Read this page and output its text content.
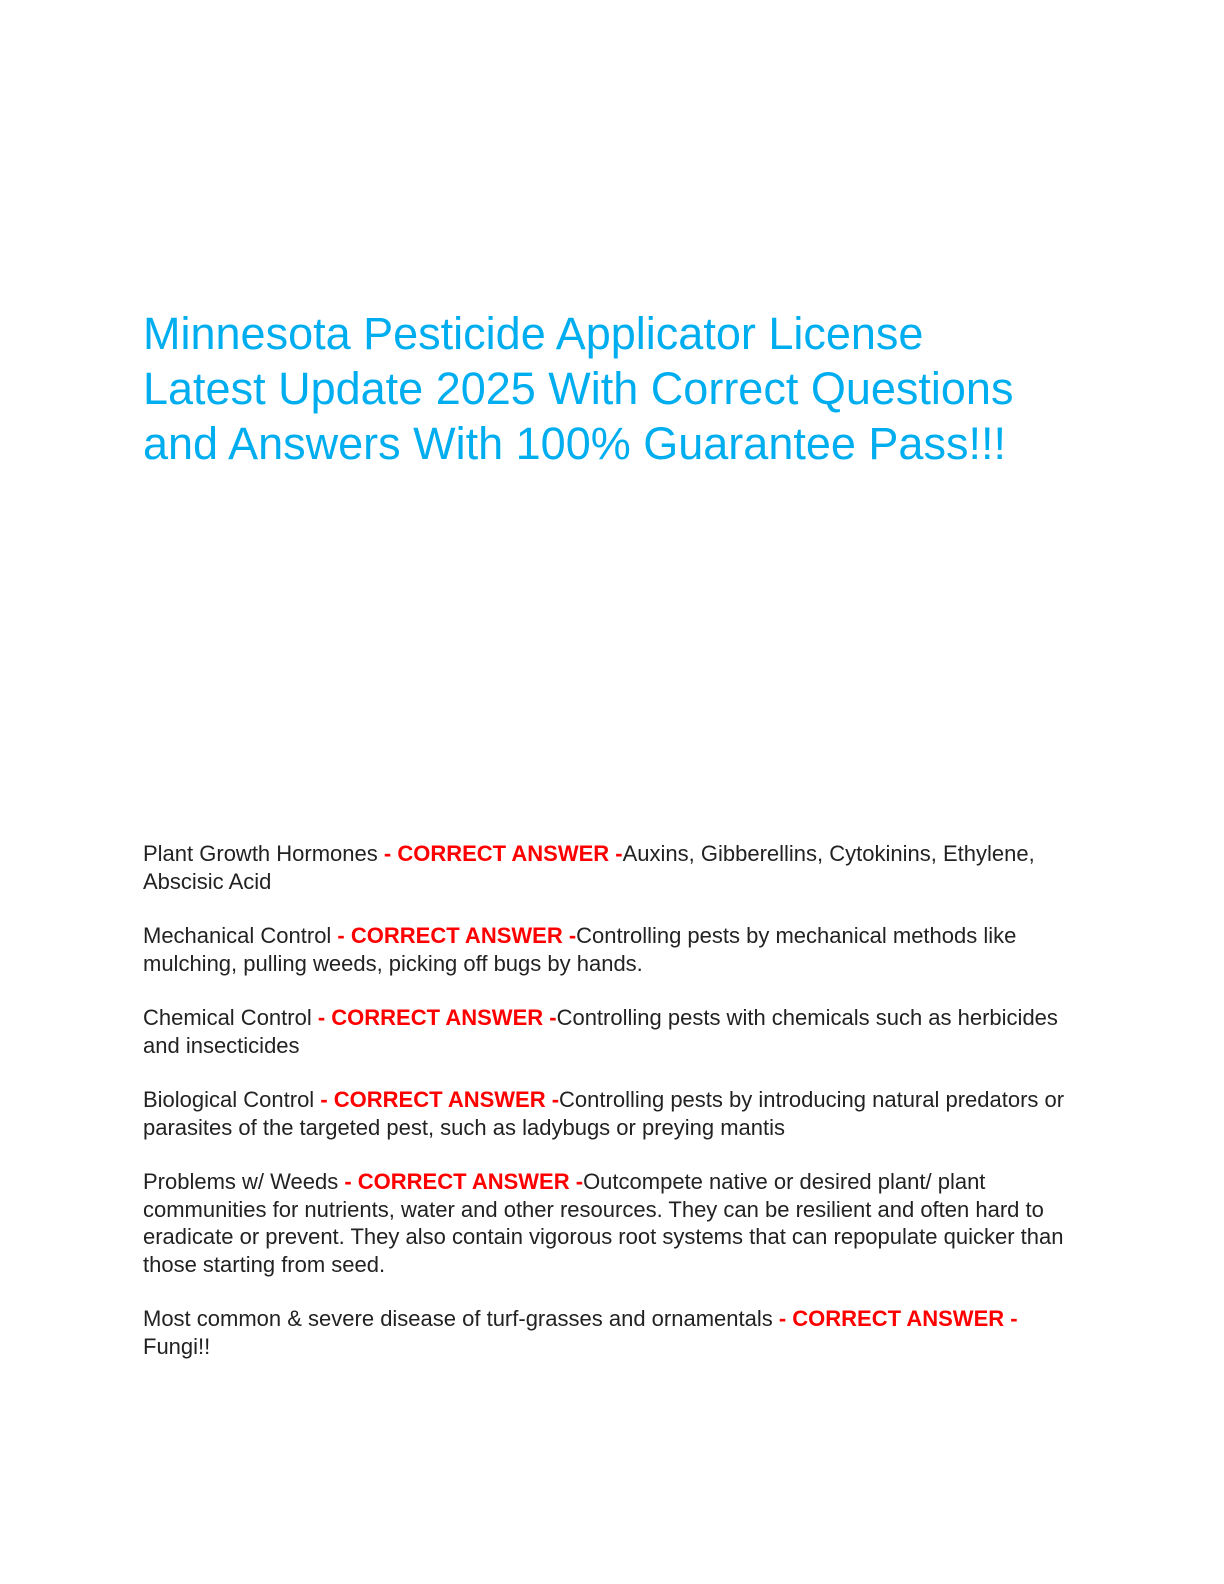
Minnesota Pesticide Applicator License
Latest Update 2025 With Correct Questions
and Answers With 100% Guarantee Pass!!!

Plant Growth Hormones - CORRECT ANSWER -Auxins, Gibberellins, Cytokinins, Ethylene, Abscisic Acid

Mechanical Control - CORRECT ANSWER -Controlling pests by mechanical methods like mulching, pulling weeds, picking off bugs by hands.

Chemical Control - CORRECT ANSWER -Controlling pests with chemicals such as herbicides and insecticides

Biological Control - CORRECT ANSWER -Controlling pests by introducing natural predators or parasites of the targeted pest, such as ladybugs or preying mantis

Problems w/ Weeds - CORRECT ANSWER -Outcompete native or desired plant/ plant communities for nutrients, water and other resources. They can be resilient and often hard to eradicate or prevent. They also contain vigorous root systems that can repopulate quicker than those starting from seed.

Most common & severe disease of turf-grasses and ornamentals - CORRECT ANSWER -Fungi!!
